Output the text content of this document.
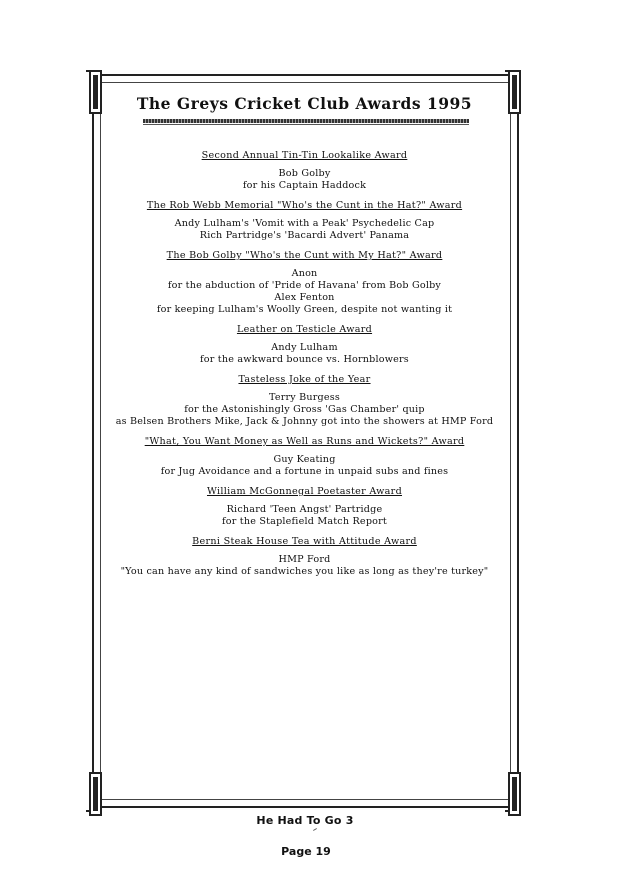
The Greys Cricket Club Awards 1995
Second Annual Tin-Tin Lookalike Award
Bob Golby
for his Captain Haddock
The Rob Webb Memorial "Who's the Cunt in the Hat?" Award
Andy Lulham's 'Vomit with a Peak' Psychedelic Cap
Rich Partridge's 'Bacardi Advert' Panama
The Bob Golby "Who's the Cunt with My Hat?" Award
Anon
for the abduction of 'Pride of Havana' from Bob Golby
Alex Fenton
for keeping Lulham's Woolly Green, despite not wanting it
Leather on Testicle Award
Andy Lulham
for the awkward bounce vs. Hornblowers
Tasteless Joke of the Year
Terry Burgess
for the Astonishingly Gross 'Gas Chamber' quip
as Belsen Brothers Mike, Jack & Johnny got into the showers at HMP Ford
"What, You Want Money as Well as Runs and Wickets?" Award
Guy Keating
for Jug Avoidance and a fortune in unpaid subs and fines
William McGonnegal Poetaster Award
Richard 'Teen Angst' Partridge
for the Staplefield Match Report
Berni Steak House Tea with Attitude Award
HMP Ford
"You can have any kind of sandwiches you like as long as they're turkey"
He Had To Go 3
Page 19
